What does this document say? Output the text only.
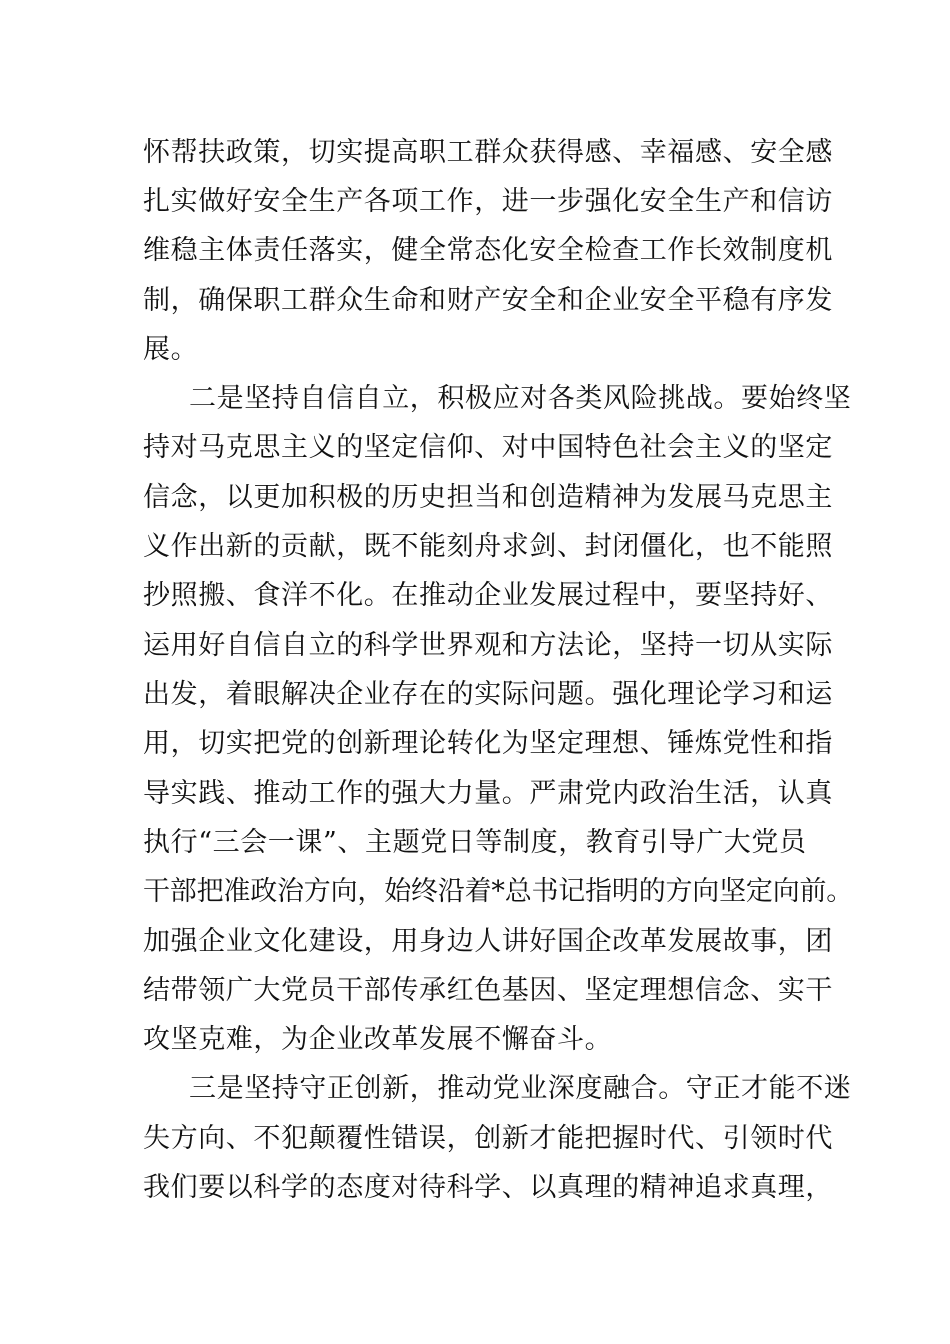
怀帮扶政策，切实提高职工群众获得感、幸福感、安全感
扎实做好安全生产各项工作，进一步强化安全生产和信访
维稳主体责任落实，健全常态化安全检查工作长效制度机
制，确保职工群众生命和财产安全和企业安全平稳有序发
展。
二是坚持自信自立，积极应对各类风险挑战。要始终坚
持对马克思主义的坚定信仰、对中国特色社会主义的坚定
信念，以更加积极的历史担当和创造精神为发展马克思主
义作出新的贡献，既不能刻舟求剑、封闭僵化，也不能照
抄照搬、食洋不化。在推动企业发展过程中，要坚持好、
运用好自信自立的科学世界观和方法论，坚持一切从实际
出发，着眼解决企业存在的实际问题。强化理论学习和运
用，切实把党的创新理论转化为坚定理想、锤炼党性和指
导实践、推动工作的强大力量。严肃党内政治生活，认真
执行“三会一课”、主题党日等制度，教育引导广大党员
干部把准政治方向，始终沿着*总书记指明的方向坚定向前。
加强企业文化建设，用身边人讲好国企改革发展故事，团
结带领广大党员干部传承红色基因、坚定理想信念、实干
攻坚克难，为企业改革发展不懈奋斗。
三是坚持守正创新，推动党业深度融合。守正才能不迷
失方向、不犯颠覆性错误，创新才能把握时代、引领时代
我们要以科学的态度对待科学、以真理的精神追求真理，
